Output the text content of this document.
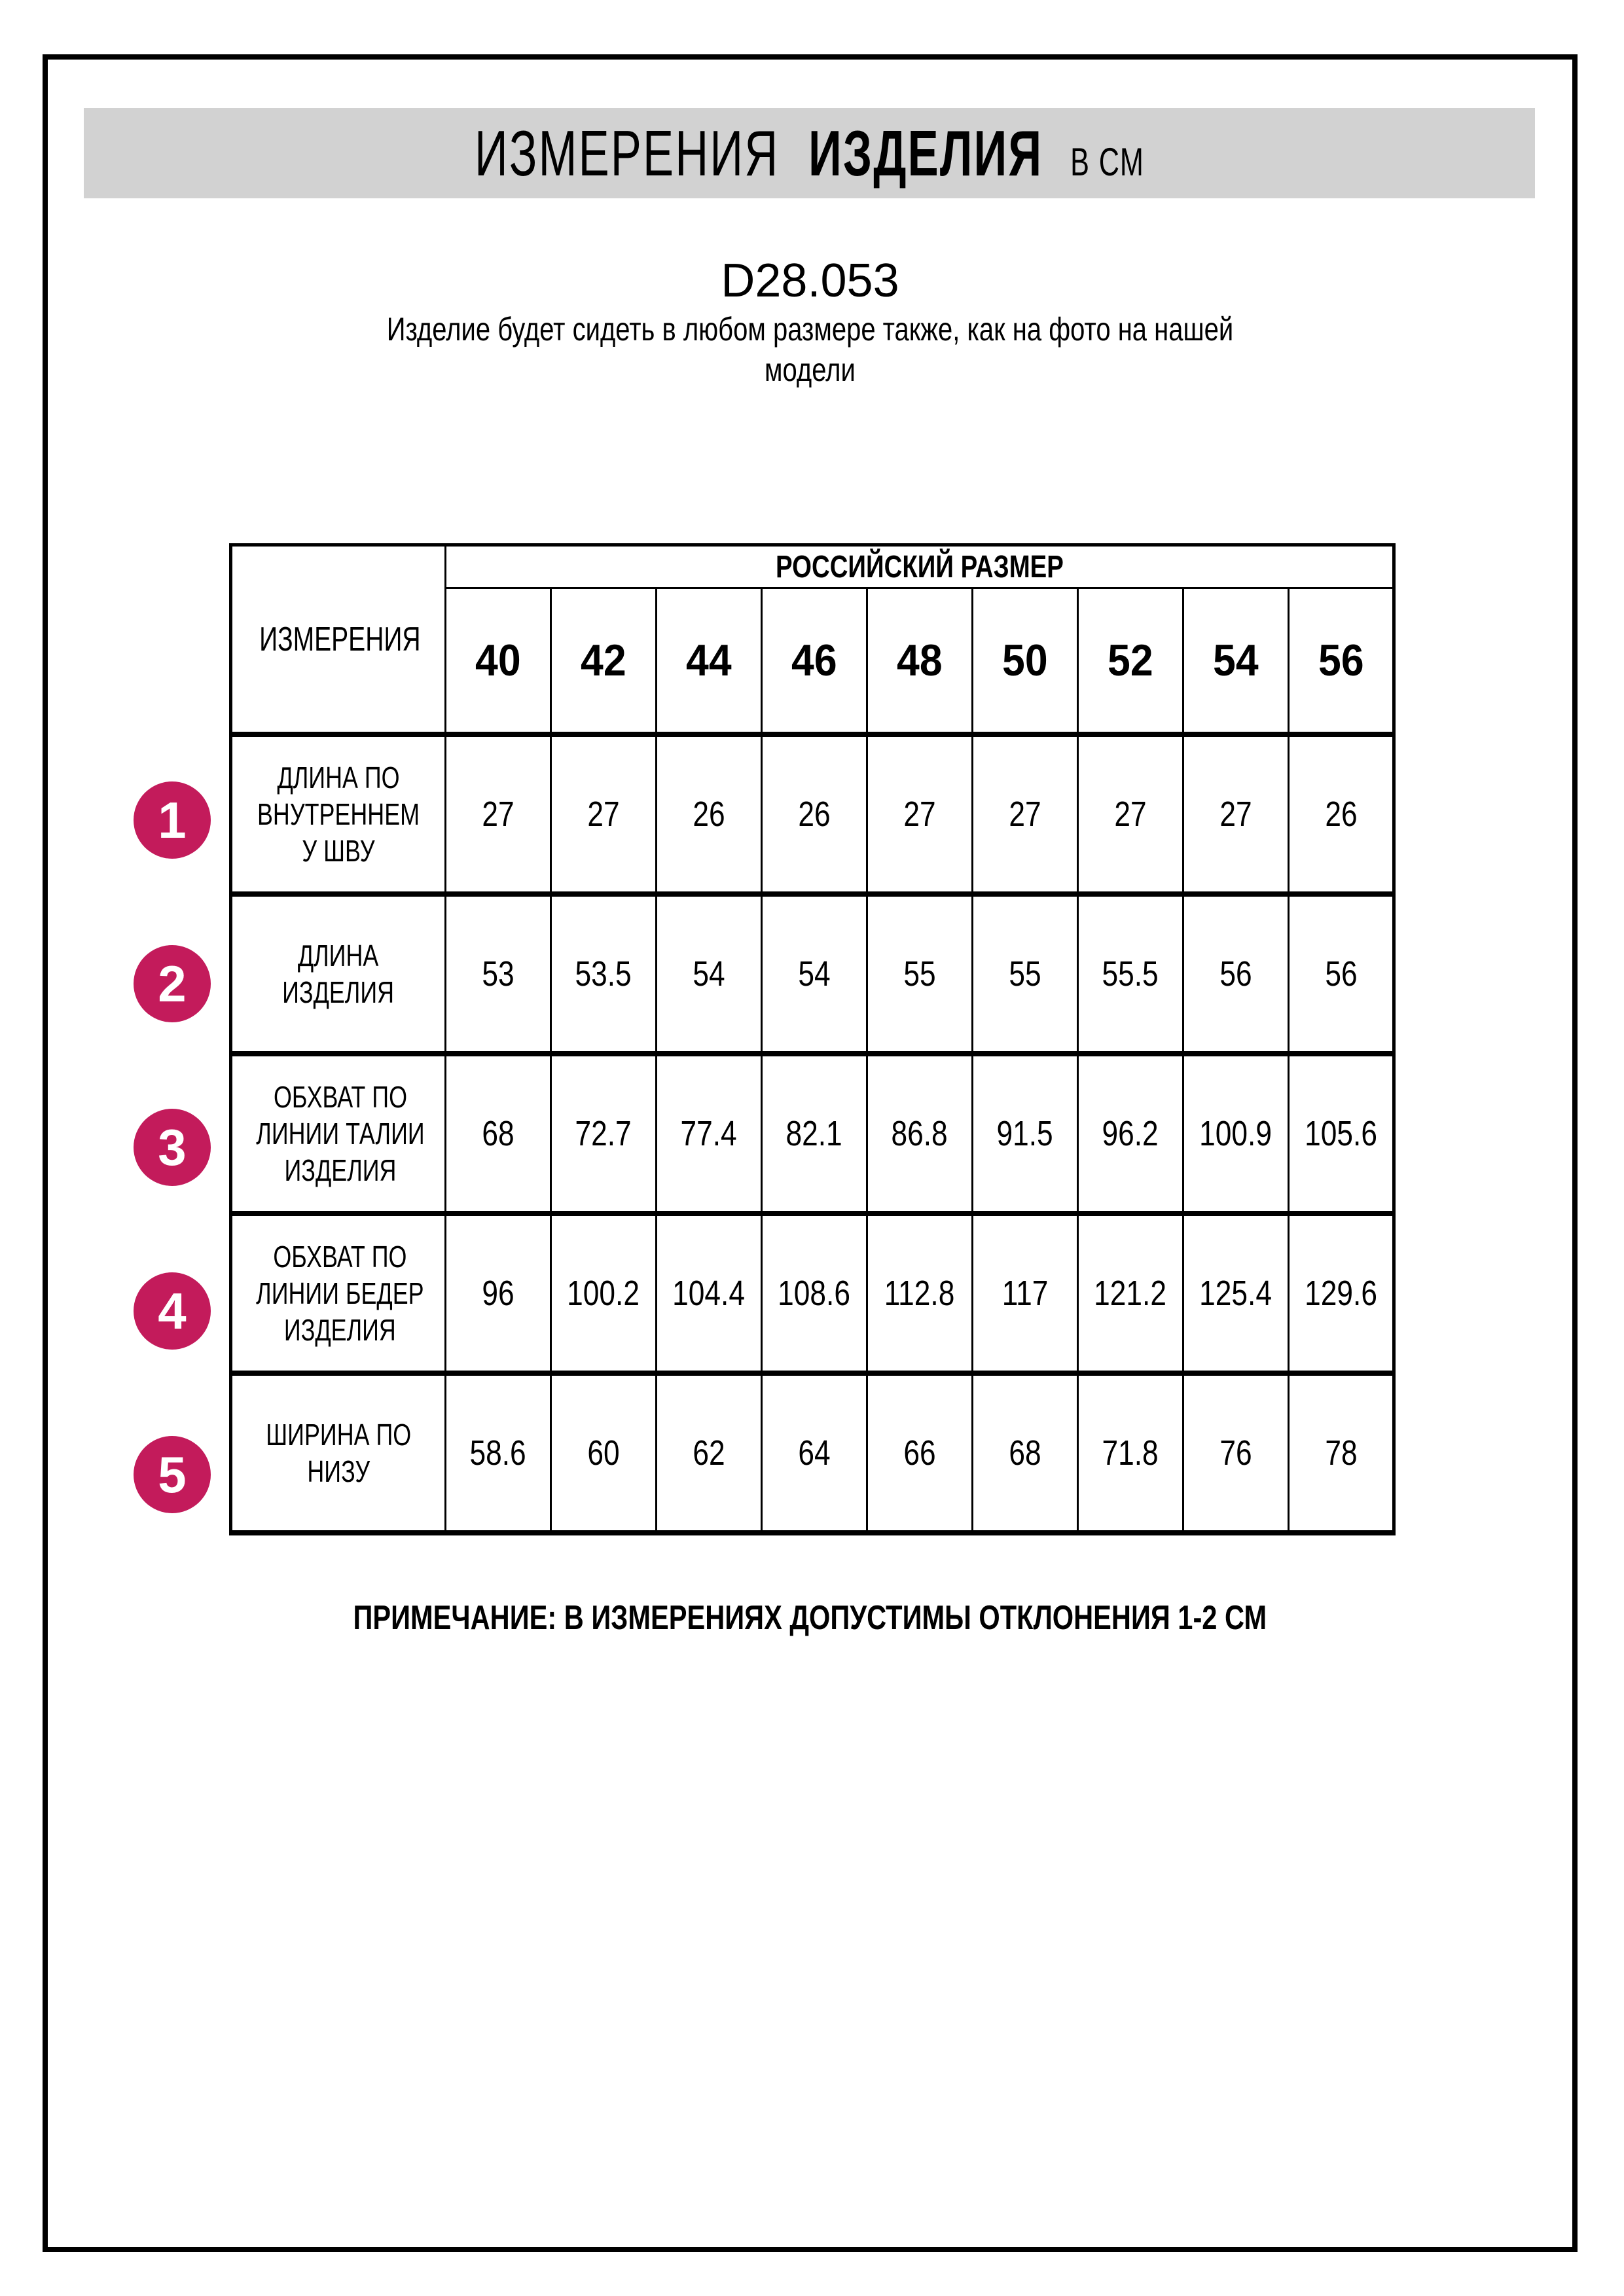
ИЗМЕРЕНИЯ ИЗДЕЛИЯ В СМ
D28.053
Изделие будет сидеть в любом размере также, как на фото на нашей
модели
ИЗМЕРЕНИЯ	РОССИЙСКИЙ РАЗМЕР								
	40	42	44	46	48	50	52	54	56

ДЛИНА ПО
ВНУТРЕННЕМ
У ШВУ	27	27	26	26	27	27	27	27	26

ДЛИНА
ИЗДЕЛИЯ	53	53.5	54	54	55	55	55.5	56	56

ОБХВАТ ПО
ЛИНИИ ТАЛИИ
ИЗДЕЛИЯ	68	72.7	77.4	82.1	86.8	91.5	96.2	100.9	105.6

ОБХВАТ ПО
ЛИНИИ БЕДЕР
ИЗДЕЛИЯ	96	100.2	104.4	108.6	112.8	117	121.2	125.4	129.6

ШИРИНА ПО
НИЗУ	58.6	60	62	64	66	68	71.8	76	78
1
2
3
4
5
ПРИМЕЧАНИЕ: В ИЗМЕРЕНИЯХ ДОПУСТИМЫ ОТКЛОНЕНИЯ 1-2 СМ
